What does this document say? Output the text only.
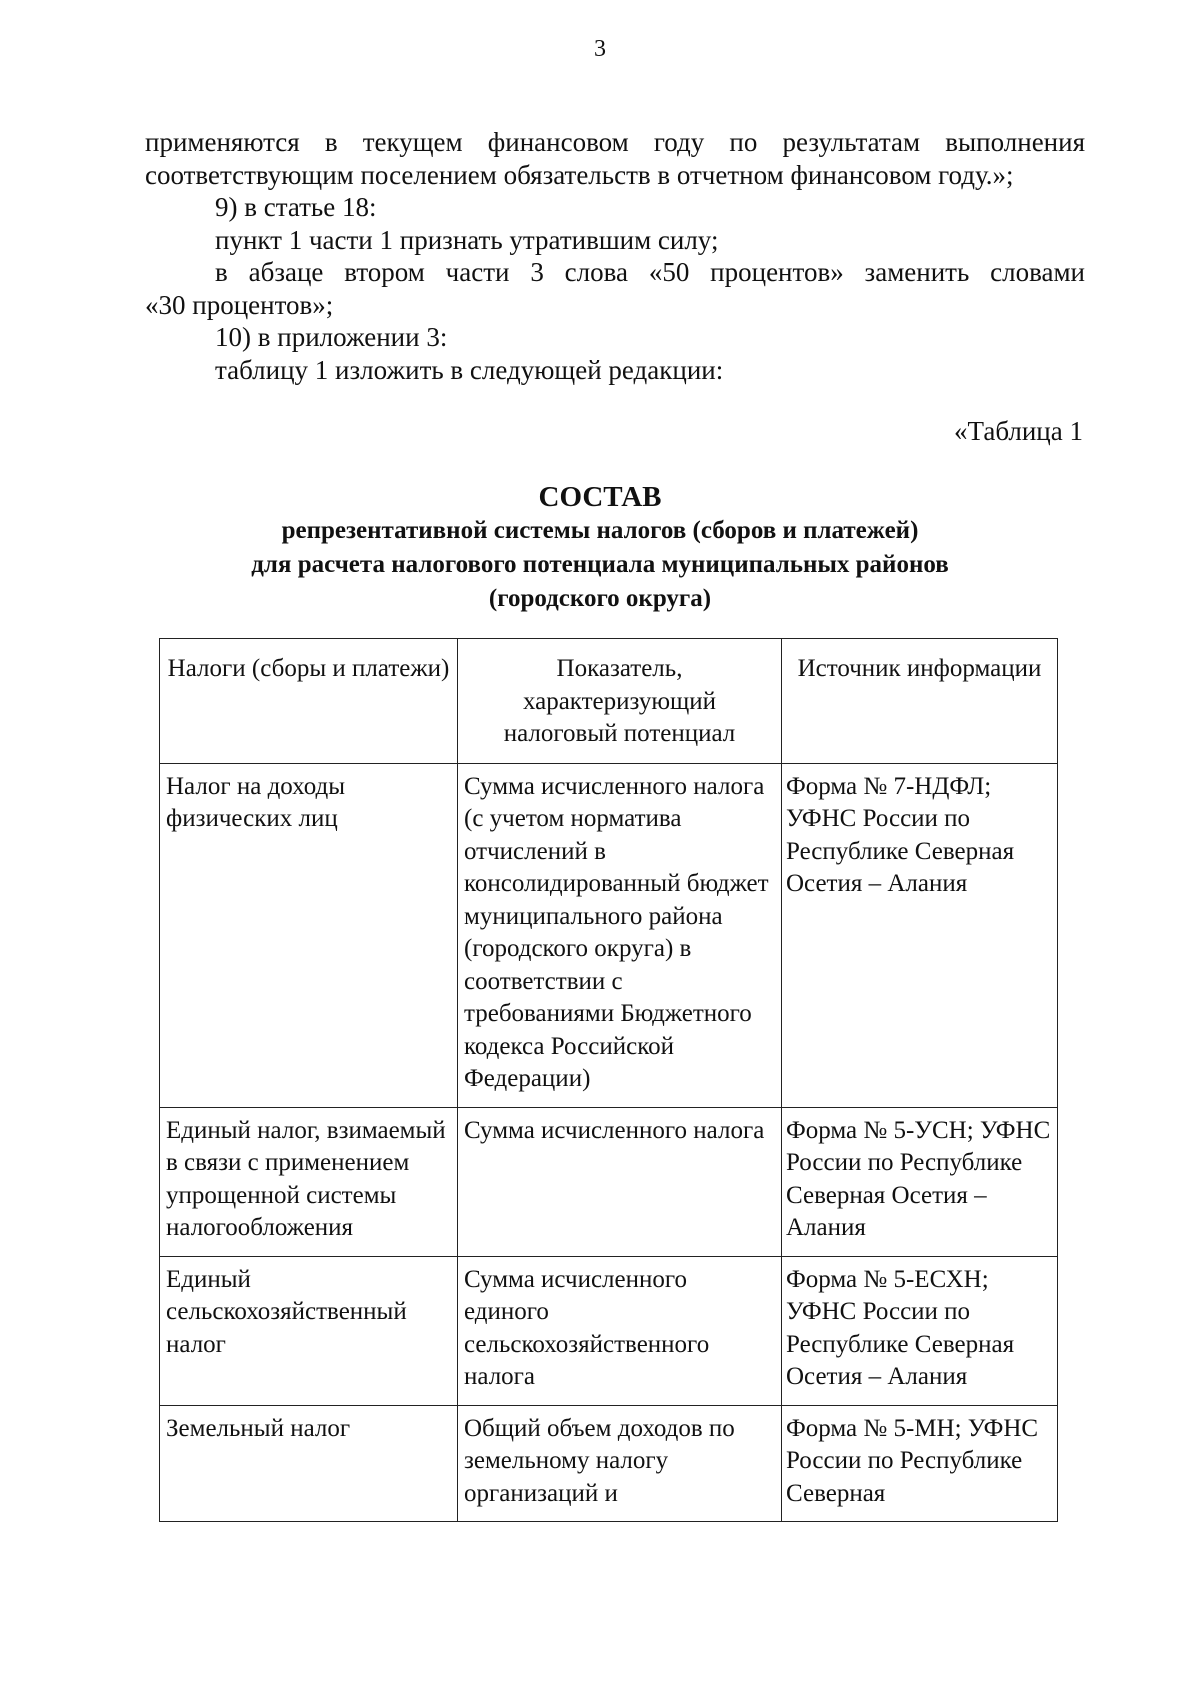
3

применяются в текущем финансовом году по результатам выполнения

соответствующим поселением обязательств в отчетном финансовом году.»;

9) в статье 18:

пункт 1 части 1 признать утратившим силу;

в абзаце втором части 3 слова «50 процентов» заменить словами

«30 процентов»;

10) в приложении 3:

таблицу 1 изложить в следующей редакции:

«Таблица 1
СОСТАВ
репрезентативной системы налогов (сборов и платежей)
для расчета налогового потенциала муниципальных районов
(городского округа)
Налоги (сборы и платежи)	Показатель, характеризующий налоговый потенциал	Источник информации
Налог на доходы физических лиц	Сумма исчисленного налога (с учетом норматива отчислений в консолидированный бюджет муниципального района (городского округа) в соответствии с требованиями Бюджетного кодекса Российской Федерации)	Форма № 7-НДФЛ; УФНС России по Республике Северная Осетия – Алания
Единый налог, взимаемый в связи с применением упрощенной системы налогообложения	Сумма исчисленного налога	Форма № 5-УСН; УФНС России по Республике Северная Осетия – Алания
Единый сельскохозяйственный налог	Сумма исчисленного единого сельскохозяйственного налога	Форма № 5-ЕСХН; УФНС России по Республике Северная Осетия – Алания
Земельный налог	Общий объем доходов по земельному налогу организаций и	Форма № 5-МН; УФНС России по Республике Северная
